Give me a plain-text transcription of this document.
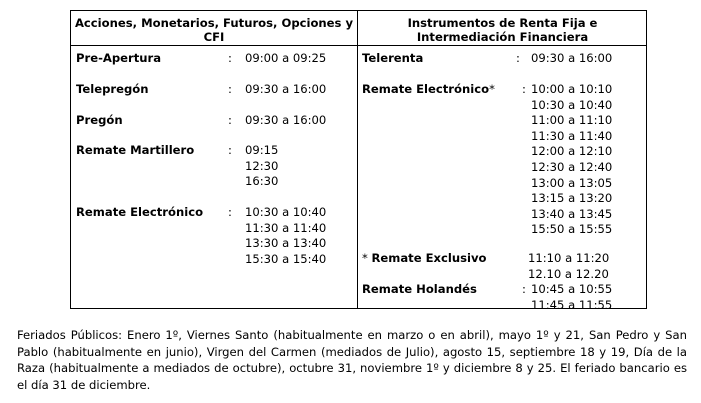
Acciones, Monetarios, Futuros, Opciones y CFI
Instrumentos de Renta Fija e Intermediación Financiera
Pre-Apertura	: 09:00 a 09:25
Telepregón	: 09:30 a 16:00
Pregón	: 09:30 a 16:00
Remate Martillero	: 09:15
12:30
16:30
Remate Electrónico : 10:30 a 10:40
11:30 a 11:40
13:30 a 13:40
15:30 a 15:40
Telerenta	: 09:30 a 16:00
Remate Electrónico* : 10:00 a 10:10
10:30 a 10:40
11:00 a 11:10
11:30 a 11:40
12:00 a 12:10
12:30 a 12:40
13:00 a 13:05
13:15 a 13:20
13:40 a 13:45
15:50 a 15:55
* Remate Exclusivo	11:10 a 11:20
12.10 a 12.20
Remate Holandés	: 10:45 a 10:55
11:45 a 11:55
Feriados Públicos: Enero 1º, Viernes Santo (habitualmente en marzo o en abril), mayo 1º y 21, San Pedro y San Pablo (habitualmente en junio), Virgen del Carmen (mediados de Julio), agosto 15, septiembre 18 y 19, Día de la Raza (habitualmente a mediados de octubre), octubre 31, noviembre 1º y diciembre 8 y 25. El feriado bancario es el día 31 de diciembre.
